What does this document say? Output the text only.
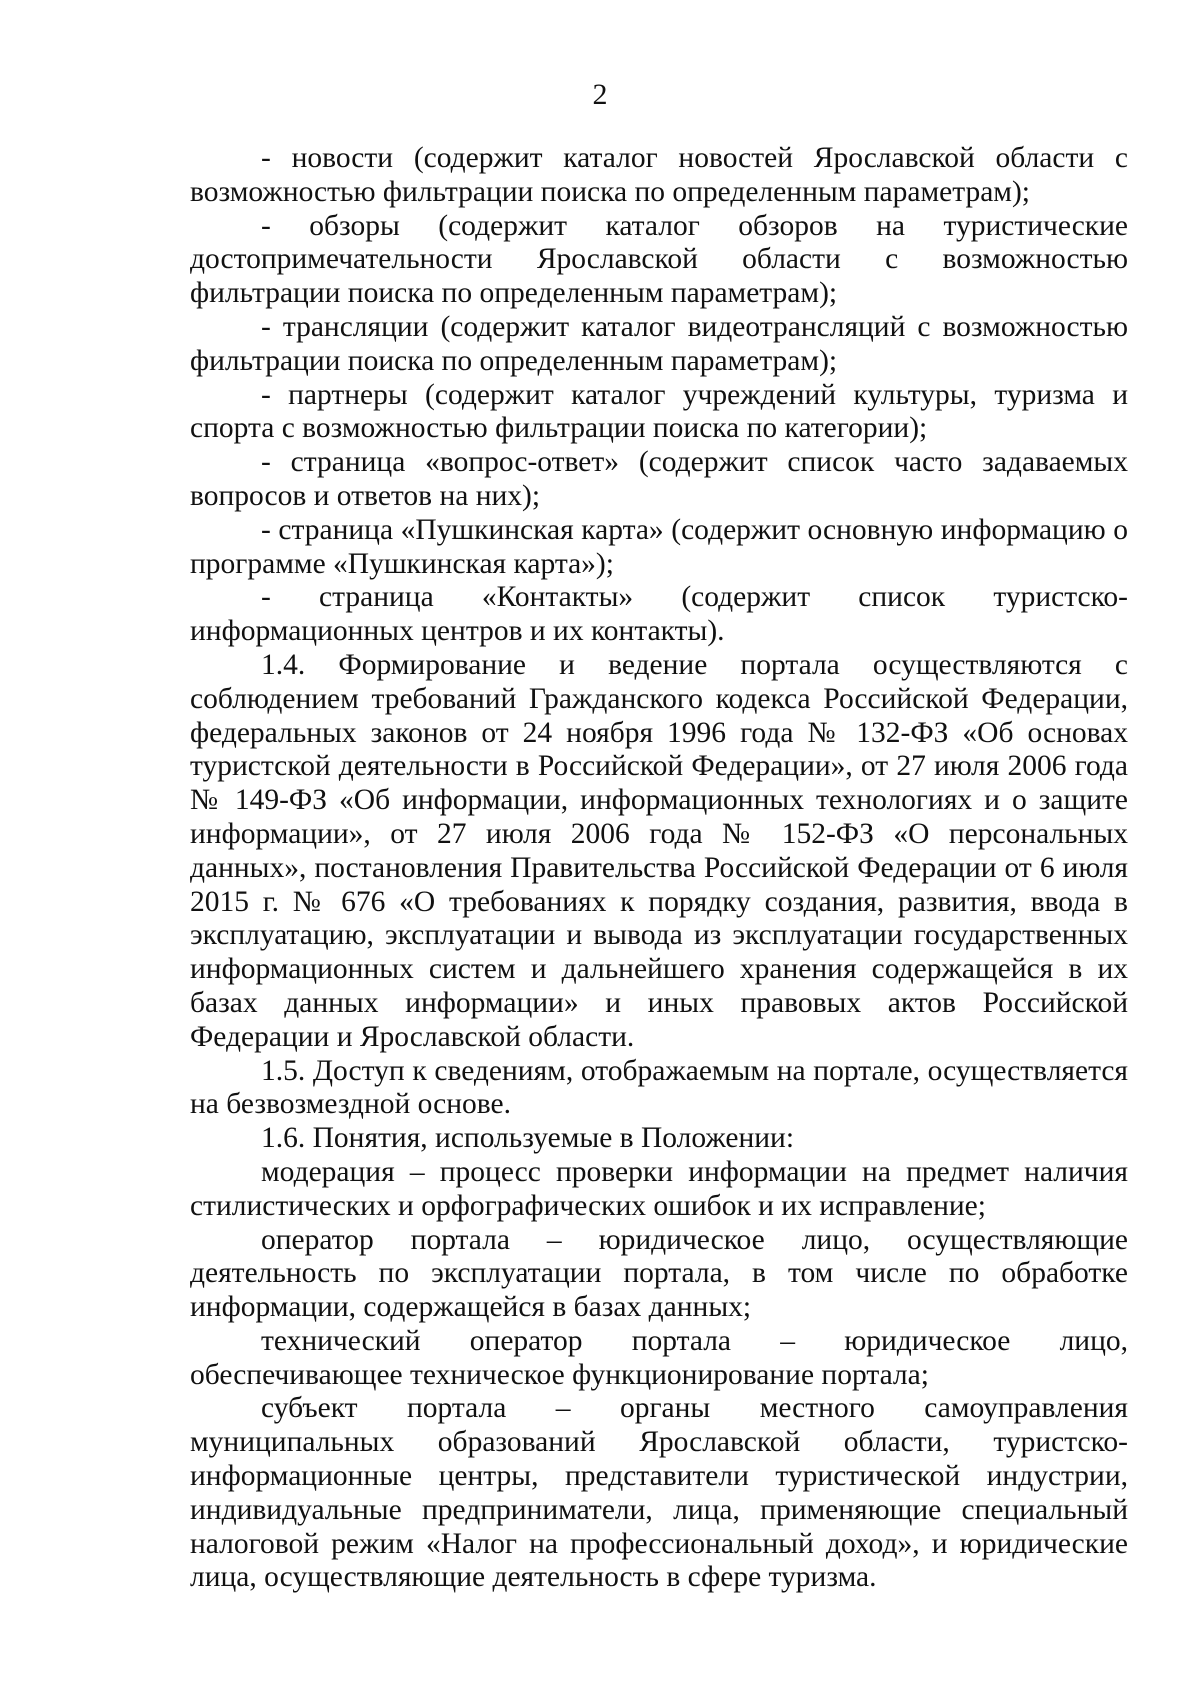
2

- новости (содержит каталог новостей Ярославской области с возможностью фильтрации поиска по определенным параметрам);

- обзоры (содержит каталог обзоров на туристические достопримечательности Ярославской области с возможностью фильтрации поиска по определенным параметрам);

- трансляции (содержит каталог видеотрансляций с возможностью фильтрации поиска по определенным параметрам);

- партнеры (содержит каталог учреждений культуры, туризма и спорта с возможностью фильтрации поиска по категории);

- страница «вопрос-ответ» (содержит список часто задаваемых вопросов и ответов на них);

- страница «Пушкинская карта» (содержит основную информацию о программе «Пушкинская карта»);

- страница «Контакты» (содержит список туристско-информационных центров и их контакты).

1.4. Формирование и ведение портала осуществляются с соблюдением требований Гражданского кодекса Российской Федерации, федеральных законов от 24 ноября 1996 года № 132-ФЗ «Об основах туристской деятельности в Российской Федерации», от 27 июля 2006 года № 149-ФЗ «Об информации, информационных технологиях и о защите информации», от 27 июля 2006 года № 152-ФЗ «О персональных данных», постановления Правительства Российской Федерации от 6 июля 2015 г. № 676 «О требованиях к порядку создания, развития, ввода в эксплуатацию, эксплуатации и вывода из эксплуатации государственных информационных систем и дальнейшего хранения содержащейся в их базах данных информации» и иных правовых актов Российской Федерации и Ярославской области.

1.5. Доступ к сведениям, отображаемым на портале, осуществляется на безвозмездной основе.

1.6. Понятия, используемые в Положении:

модерация – процесс проверки информации на предмет наличия стилистических и орфографических ошибок и их исправление;

оператор портала – юридическое лицо, осуществляющие деятельность по эксплуатации портала, в том числе по обработке информации, содержащейся в базах данных;

технический оператор портала – юридическое лицо, обеспечивающее техническое функционирование портала;

субъект портала – органы местного самоуправления муниципальных образований Ярославской области, туристско-информационные центры, представители туристической индустрии, индивидуальные предприниматели, лица, применяющие специальный налоговой режим «Налог на профессиональный доход», и юридические лица, осуществляющие деятельность в сфере туризма.
